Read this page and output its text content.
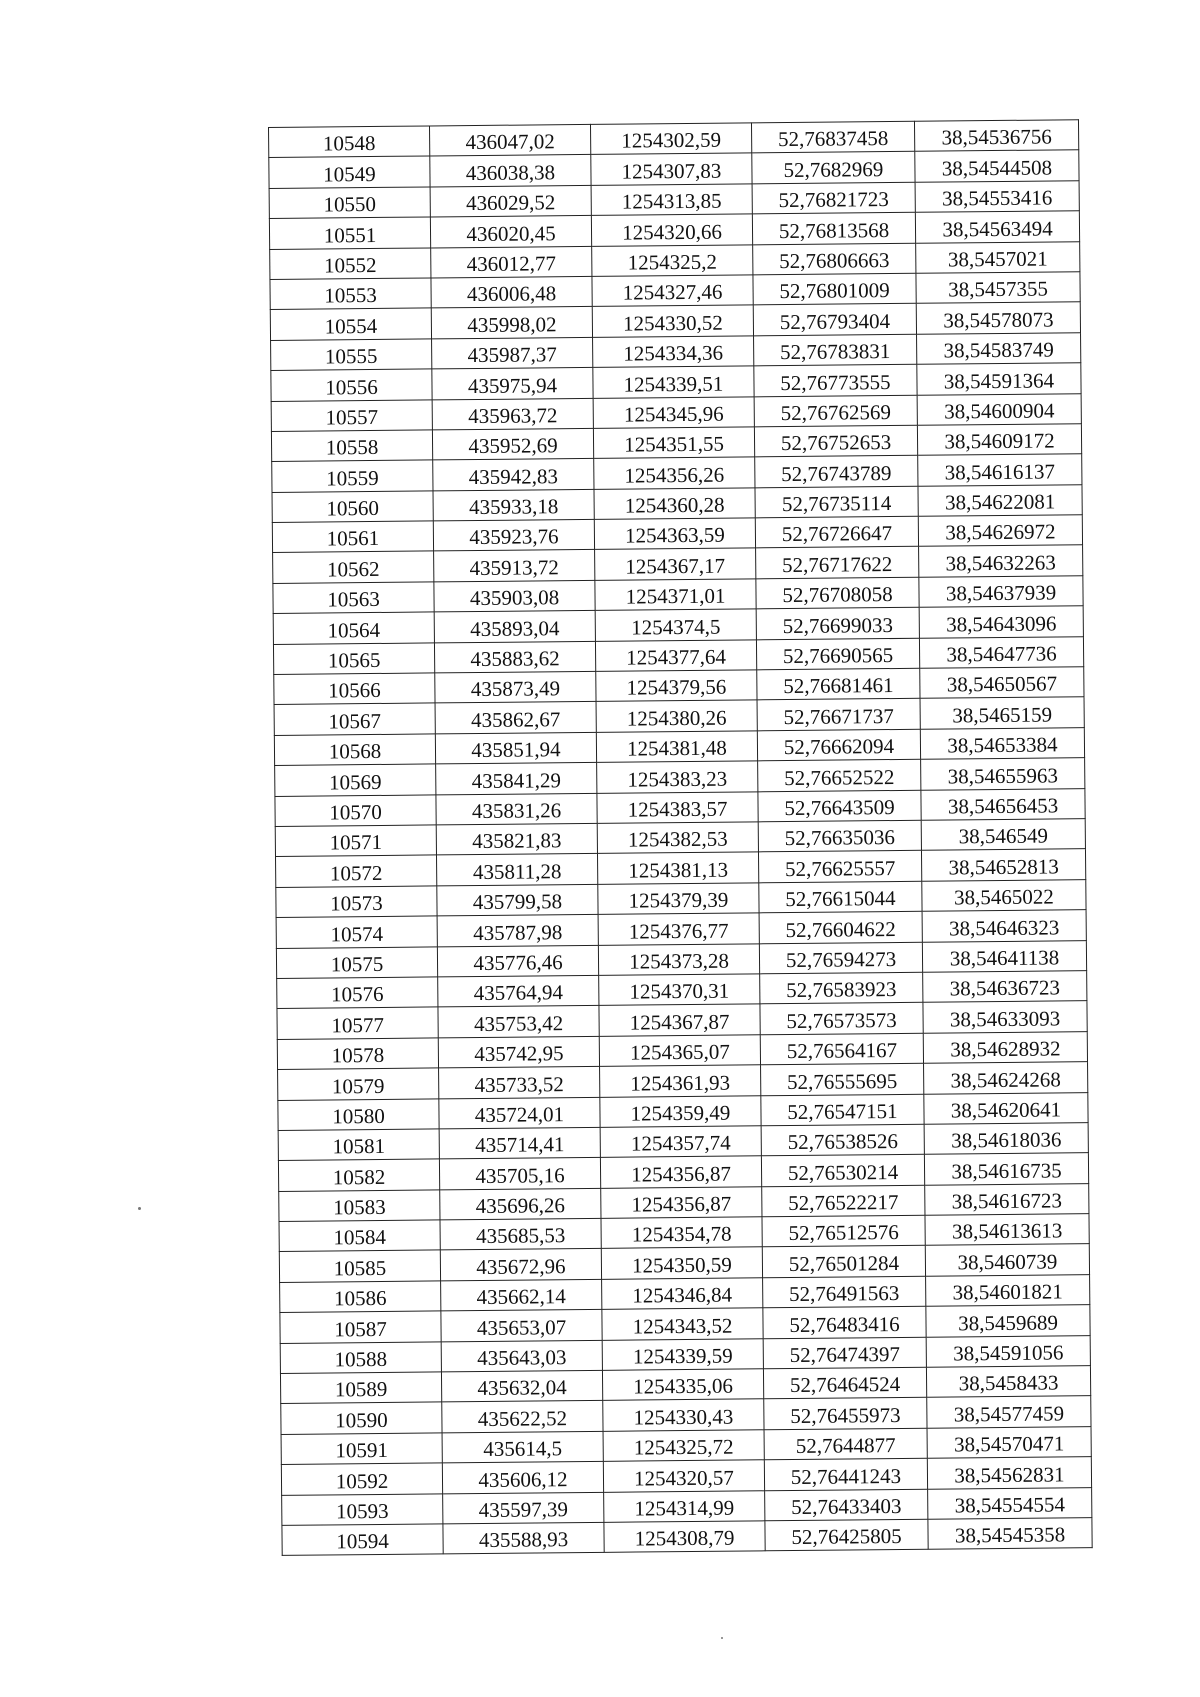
10548	436047,02	1254302,59	52,76837458	38,54536756
10549	436038,38	1254307,83	52,7682969	38,54544508
10550	436029,52	1254313,85	52,76821723	38,54553416
10551	436020,45	1254320,66	52,76813568	38,54563494
10552	436012,77	1254325,2	52,76806663	38,5457021
10553	436006,48	1254327,46	52,76801009	38,5457355
10554	435998,02	1254330,52	52,76793404	38,54578073
10555	435987,37	1254334,36	52,76783831	38,54583749
10556	435975,94	1254339,51	52,76773555	38,54591364
10557	435963,72	1254345,96	52,76762569	38,54600904
10558	435952,69	1254351,55	52,76752653	38,54609172
10559	435942,83	1254356,26	52,76743789	38,54616137
10560	435933,18	1254360,28	52,76735114	38,54622081
10561	435923,76	1254363,59	52,76726647	38,54626972
10562	435913,72	1254367,17	52,76717622	38,54632263
10563	435903,08	1254371,01	52,76708058	38,54637939
10564	435893,04	1254374,5	52,76699033	38,54643096
10565	435883,62	1254377,64	52,76690565	38,54647736
10566	435873,49	1254379,56	52,76681461	38,54650567
10567	435862,67	1254380,26	52,76671737	38,5465159
10568	435851,94	1254381,48	52,76662094	38,54653384
10569	435841,29	1254383,23	52,76652522	38,54655963
10570	435831,26	1254383,57	52,76643509	38,54656453
10571	435821,83	1254382,53	52,76635036	38,546549
10572	435811,28	1254381,13	52,76625557	38,54652813
10573	435799,58	1254379,39	52,76615044	38,5465022
10574	435787,98	1254376,77	52,76604622	38,54646323
10575	435776,46	1254373,28	52,76594273	38,54641138
10576	435764,94	1254370,31	52,76583923	38,54636723
10577	435753,42	1254367,87	52,76573573	38,54633093
10578	435742,95	1254365,07	52,76564167	38,54628932
10579	435733,52	1254361,93	52,76555695	38,54624268
10580	435724,01	1254359,49	52,76547151	38,54620641
10581	435714,41	1254357,74	52,76538526	38,54618036
10582	435705,16	1254356,87	52,76530214	38,54616735
10583	435696,26	1254356,87	52,76522217	38,54616723
10584	435685,53	1254354,78	52,76512576	38,54613613
10585	435672,96	1254350,59	52,76501284	38,5460739
10586	435662,14	1254346,84	52,76491563	38,54601821
10587	435653,07	1254343,52	52,76483416	38,5459689
10588	435643,03	1254339,59	52,76474397	38,54591056
10589	435632,04	1254335,06	52,76464524	38,5458433
10590	435622,52	1254330,43	52,76455973	38,54577459
10591	435614,5	1254325,72	52,7644877	38,54570471
10592	435606,12	1254320,57	52,76441243	38,54562831
10593	435597,39	1254314,99	52,76433403	38,54554554
10594	435588,93	1254308,79	52,76425805	38,54545358
